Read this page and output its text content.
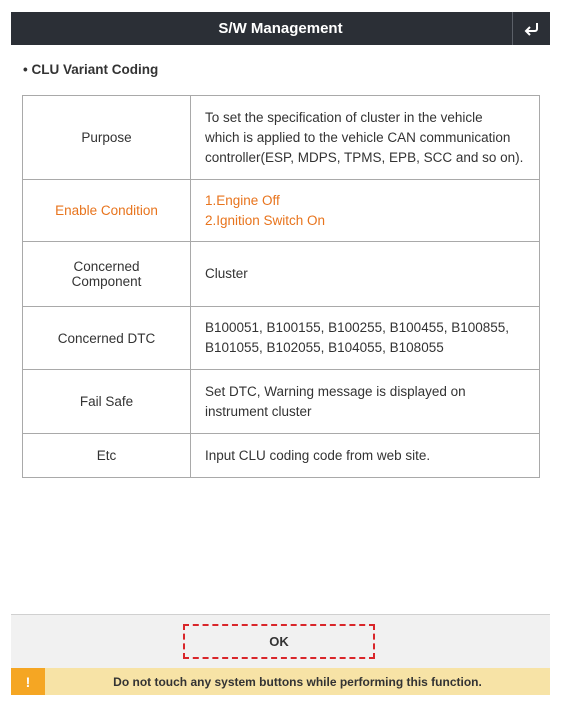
S/W Management
• CLU Variant Coding
Purpose	To set the specification of cluster in the vehicle
which is applied to the vehicle CAN communication
controller(ESP, MDPS, TPMS, EPB, SCC and so on).

Enable Condition	1.Engine Off
2.Ignition Switch On

Concerned
Component	Cluster

Concerned DTC	B100051, B100155, B100255, B100455, B100855,
B101055, B102055, B104055, B108055

Fail Safe	Set DTC, Warning message is displayed on
instrument cluster

Etc	Input CLU coding code from web site.
OK
!	Do not touch any system buttons while performing this function.
